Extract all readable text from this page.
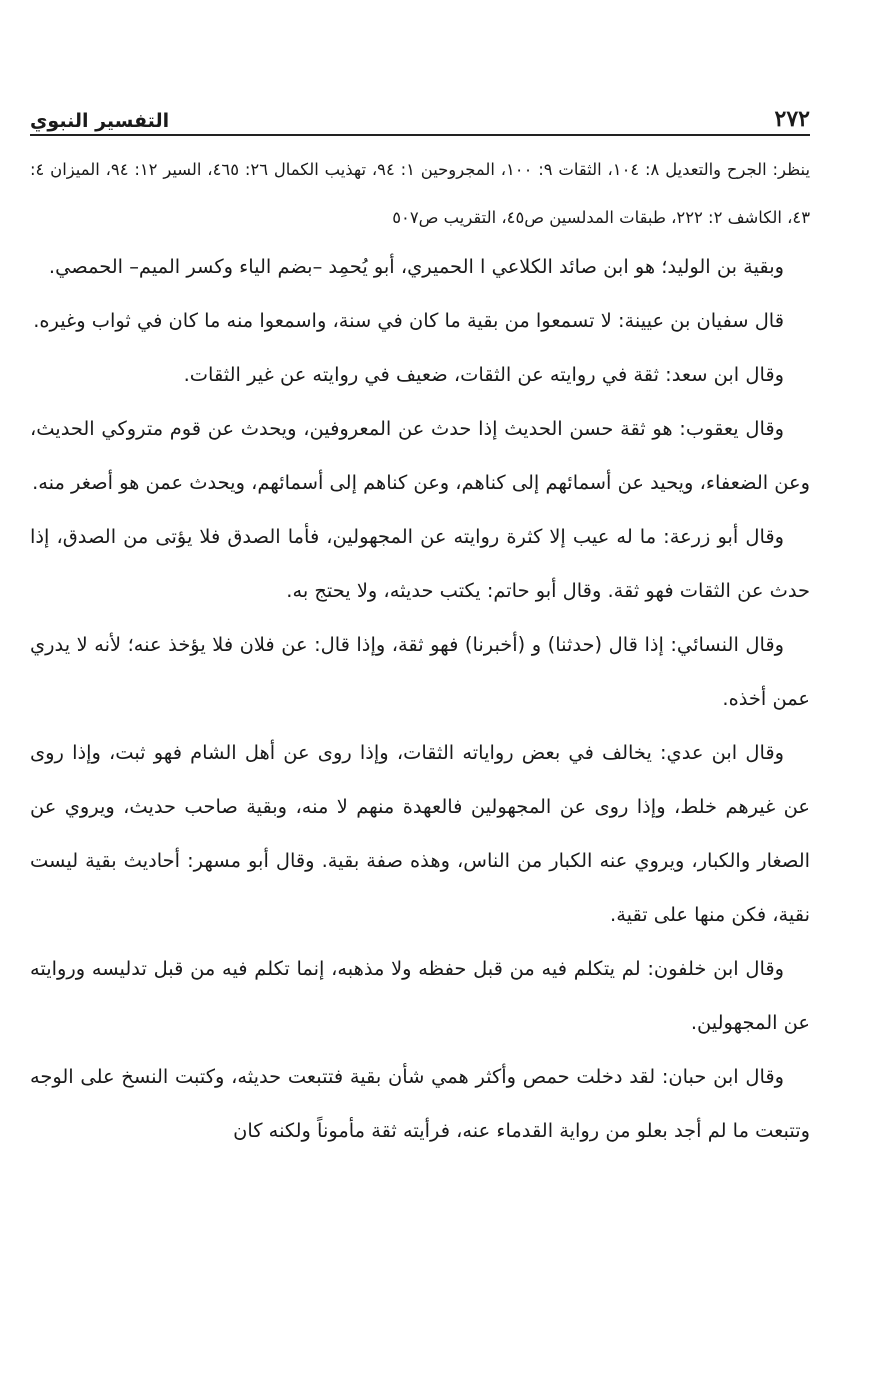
٢٧٢
التفسير النبوي
ينظر: الجرح والتعديل ٨: ١٠٤، الثقات ٩: ١٠٠، المجروحين ١: ٩٤، تهذيب الكمال ٢٦: ٤٦٥، السير ١٢: ٩٤، الميزان ٤: ٤٣، الكاشف ٢: ٢٢٢، طبقات المدلسين ص٤٥، التقريب ص٥٠٧

وبقية بن الوليد؛ هو ابن صائد الكلاعي ا الحميري، أبو يُحمِد –بضم الياء وكسر الميم– الحمصي.

قال سفيان بن عيينة: لا تسمعوا من بقية ما كان في سنة، واسمعوا منه ما كان في ثواب وغيره.

وقال ابن سعد: ثقة في روايته عن الثقات، ضعيف في روايته عن غير الثقات.

وقال يعقوب: هو ثقة حسن الحديث إذا حدث عن المعروفين، ويحدث عن قوم متروكي الحديث، وعن الضعفاء، ويحيد عن أسمائهم إلى كناهم، وعن كناهم إلى أسمائهم، ويحدث عمن هو أصغر منه.

وقال أبو زرعة: ما له عيب إلا كثرة روايته عن المجهولين، فأما الصدق فلا يؤتى من الصدق، إذا حدث عن الثقات فهو ثقة. وقال أبو حاتم: يكتب حديثه، ولا يحتج به.

وقال النسائي: إذا قال (حدثنا) و (أخبرنا) فهو ثقة، وإذا قال: عن فلان فلا يؤخذ عنه؛ لأنه لا يدري عمن أخذه.

وقال ابن عدي: يخالف في بعض رواياته الثقات، وإذا روى عن أهل الشام فهو ثبت، وإذا روى عن غيرهم خلط، وإذا روى عن المجهولين فالعهدة منهم لا منه، وبقية صاحب حديث، ويروي عن الصغار والكبار، ويروي عنه الكبار من الناس، وهذه صفة بقية. وقال أبو مسهر: أحاديث بقية ليست نقية، فكن منها على تقية.

وقال ابن خلفون: لم يتكلم فيه من قبل حفظه ولا مذهبه، إنما تكلم فيه من قبل تدليسه وروايته عن المجهولين.

وقال ابن حبان: لقد دخلت حمص وأكثر همي شأن بقية فتتبعت حديثه، وكتبت النسخ على الوجه وتتبعت ما لم أجد بعلو من رواية القدماء عنه، فرأيته ثقة مأموناً ولكنه كان
